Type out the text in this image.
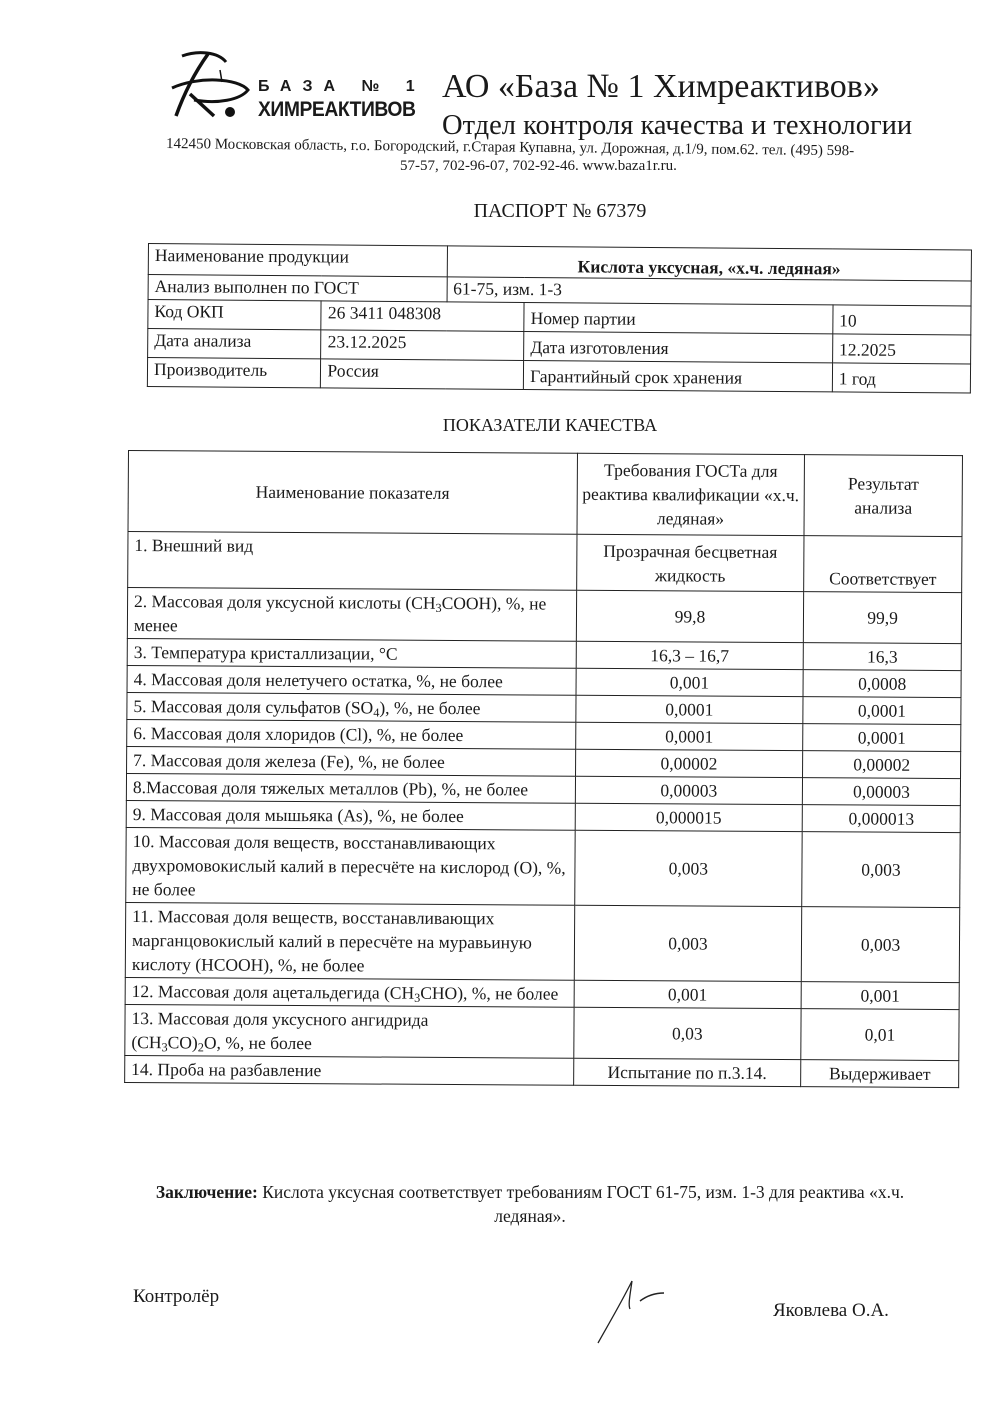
БАЗА № 1
ХИМРЕАКТИВОВ
АО «База № 1 Химреактивов»
Отдел контроля качества и технологии
142450 Московская область, г.о. Богородский, г.Старая Купавна, ул. Дорожная, д.1/9, пом.62. тел. (495) 598-
57-57, 702-96-07, 702-92-46. www.baza1r.ru.
ПАСПОРТ № 67379
Наименование продукции		Кислота уксусная, «х.ч. ледяная»		
Анализ выполнен по ГОСТ		61-75, изм. 1-3		
Код ОКП	26 3411 048308		Номер партии	10
Дата анализа	23.12.2025		Дата изготовления	12.2025
Производитель	Россия		Гарантийный срок хранения	1 год
ПОКАЗАТЕЛИ КАЧЕСТВА
Наименование показателя	Требования ГОСТа для реактива квалификации «х.ч. ледяная»	Результат анализа
1. Внешний вид	Прозрачная бесцветная жидкость	Соответствует
2. Массовая доля уксусной кислоты $(CH_3COOH)$, %, не менее	99,8	99,9
3. Температура кристаллизации, °С	16,3 – 16,7	16,3
4. Массовая доля нелетучего остатка, %, не более	0,001	0,0008
5. Массовая доля сульфатов $(SO_4)$, %, не более	0,0001	0,0001
6. Массовая доля хлоридов (Cl), %, не более	0,0001	0,0001
7. Массовая доля железа (Fe), %, не более	0,00002	0,00002
8.Массовая доля тяжелых металлов (Pb), %, не более	0,00003	0,00003
9. Массовая доля мышьяка (As), %, не более	0,000015	0,000013
10. Массовая доля веществ, восстанавливающих двухромовокислый калий в пересчёте на кислород (О), %, не более	0,003	0,003
11. Массовая доля веществ, восстанавливающих марганцовокислый калий в пересчёте на муравьиную кислоту (НСООН), %, не более	0,003	0,003
12. Массовая доля ацетальдегида $(CH_3CHO)$, %, не более	0,001	0,001
13. Массовая доля уксусного ангидрида $(CH_3CO)_2O$, %, не более	0,03	0,01
14. Проба на разбавление	Испытание по п.3.14.	Выдерживает
Заключение: Кислота уксусная соответствует требованиям ГОСТ 61-75, изм. 1-3 для реактива «х.ч. ледяная».
Контролёр
Яковлева О.А.
